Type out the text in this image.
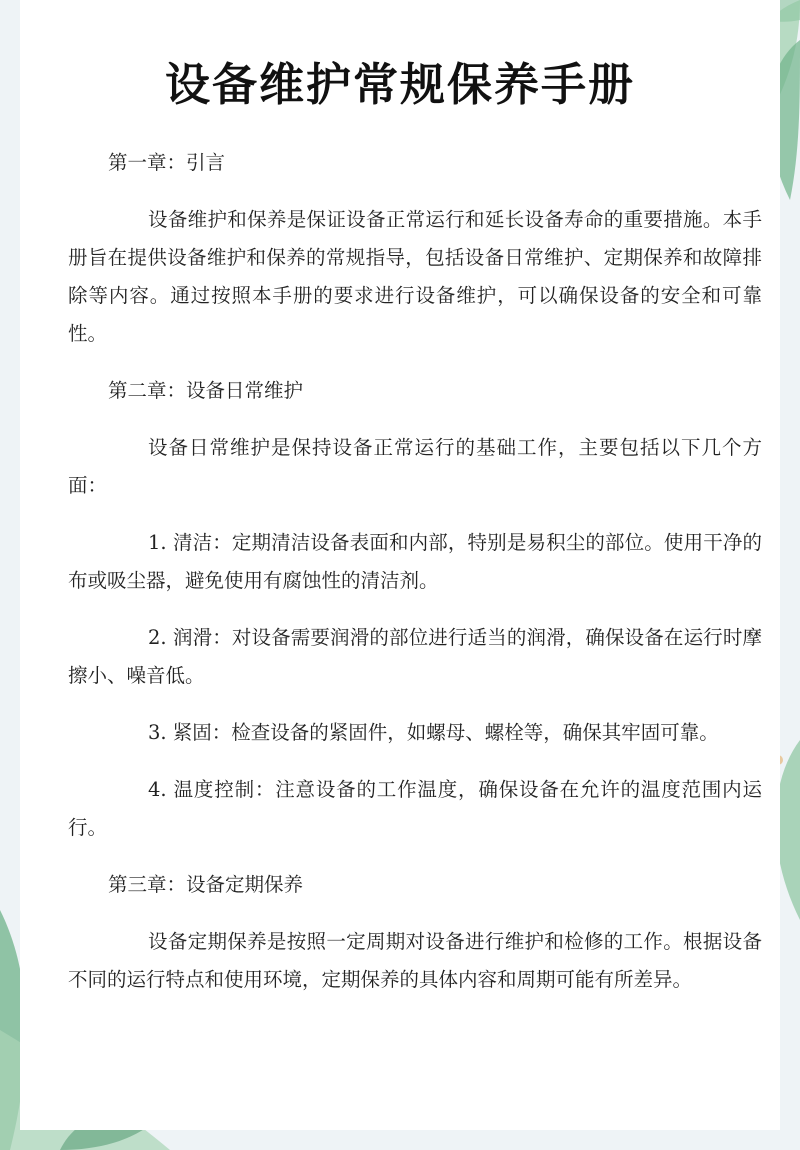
设备维护常规保养手册
第一章：引言

设备维护和保养是保证设备正常运行和延长设备寿命的重要措施。本手册旨在提供设备维护和保养的常规指导，包括设备日常维护、定期保养和故障排除等内容。通过按照本手册的要求进行设备维护，可以确保设备的安全和可靠性。

第二章：设备日常维护

设备日常维护是保持设备正常运行的基础工作，主要包括以下几个方面：

1. 清洁：定期清洁设备表面和内部，特别是易积尘的部位。使用干净的布或吸尘器，避免使用有腐蚀性的清洁剂。

2. 润滑：对设备需要润滑的部位进行适当的润滑，确保设备在运行时摩擦小、噪音低。

3. 紧固：检查设备的紧固件，如螺母、螺栓等，确保其牢固可靠。

4. 温度控制：注意设备的工作温度，确保设备在允许的温度范围内运行。

第三章：设备定期保养

设备定期保养是按照一定周期对设备进行维护和检修的工作。根据设备不同的运行特点和使用环境，定期保养的具体内容和周期可能有所差异。
